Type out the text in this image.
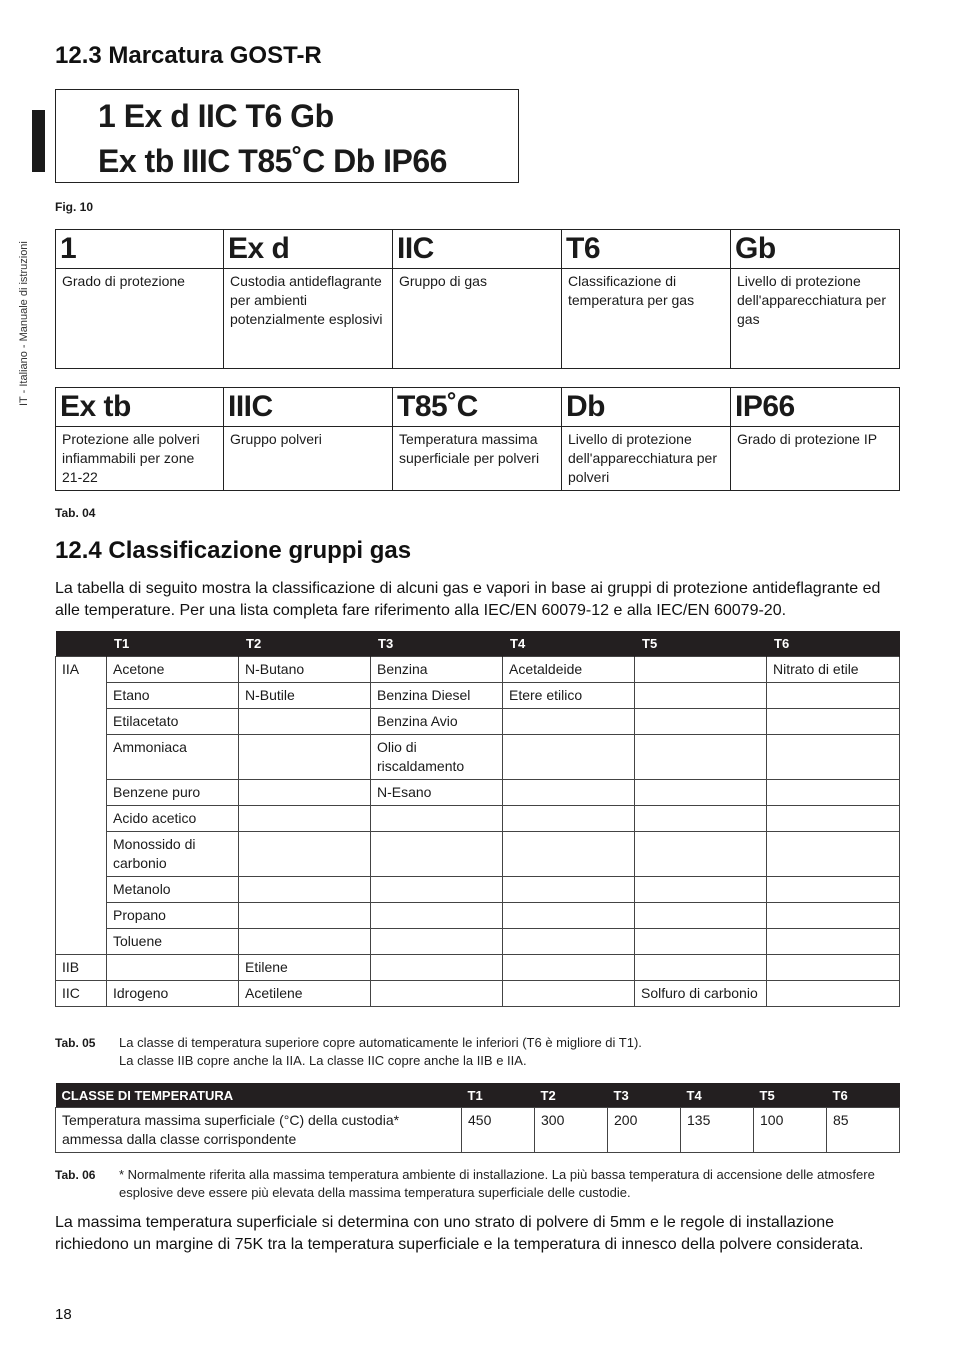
IT - Italiano - Manuale di istruzioni
12.3 Marcatura GOST-R
1 Ex d IIC T6 Gb
Ex tb IIIC T85˚C Db IP66
Fig. 10
1	Ex d	IIC	T6	Gb
Grado di protezione	Custodia antideflagrante per ambienti potenzialmente esplosivi	Gruppo di gas	Classificazione di temperatura per gas	Livello di protezione dell'apparecchiatura per gas
Ex tb	IIIC	T85˚C	Db	IP66
Protezione alle polveri infiammabili per zone 21-22	Gruppo polveri	Temperatura massima superficiale per polveri	Livello di protezione dell'apparecchiatura per polveri	Grado di protezione IP
Tab. 04
12.4 Classificazione gruppi gas
La tabella di seguito mostra la classificazione di alcuni gas e vapori in base ai gruppi di protezione antideflagrante ed alle temperature. Per una lista completa fare riferimento alla IEC/EN 60079-12 e alla IEC/EN 60079-20.
	T1	T2	T3	T4	T5	T6
IIA	Acetone	N-Butano	Benzina	Acetaldeide		Nitrato di etile
	Etano	N-Butile	Benzina Diesel	Etere etilico		
	Etilacetato		Benzina Avio			
	Ammoniaca		Olio di riscaldamento			
	Benzene puro		N-Esano			
	Acido acetico					
	Monossido di carbonio					
	Metanolo					
	Propano					
	Toluene					
IIB		Etilene				
IIC	Idrogeno	Acetilene			Solfuro di carbonio	
Tab. 05 La classe di temperatura superiore copre automaticamente le inferiori (T6 è migliore di T1).
La classe IIB copre anche la IIA. La classe IIC copre anche la IIB e IIA.
CLASSE DI TEMPERATURA	T1	T2	T3	T4	T5	T6
Temperatura massima superficiale (°C) della custodia* ammessa dalla classe corrispondente	450	300	200	135	100	85
Tab. 06 * Normalmente riferita alla massima temperatura ambiente di installazione. La più bassa temperatura di accensione delle atmosfere esplosive deve essere più elevata della massima temperatura superficiale delle custodie.
La massima temperatura superficiale si determina con uno strato di polvere di 5mm e le regole di installazione richiedono un margine di 75K tra la temperatura superficiale e la temperatura di innesco della polvere considerata.
18
